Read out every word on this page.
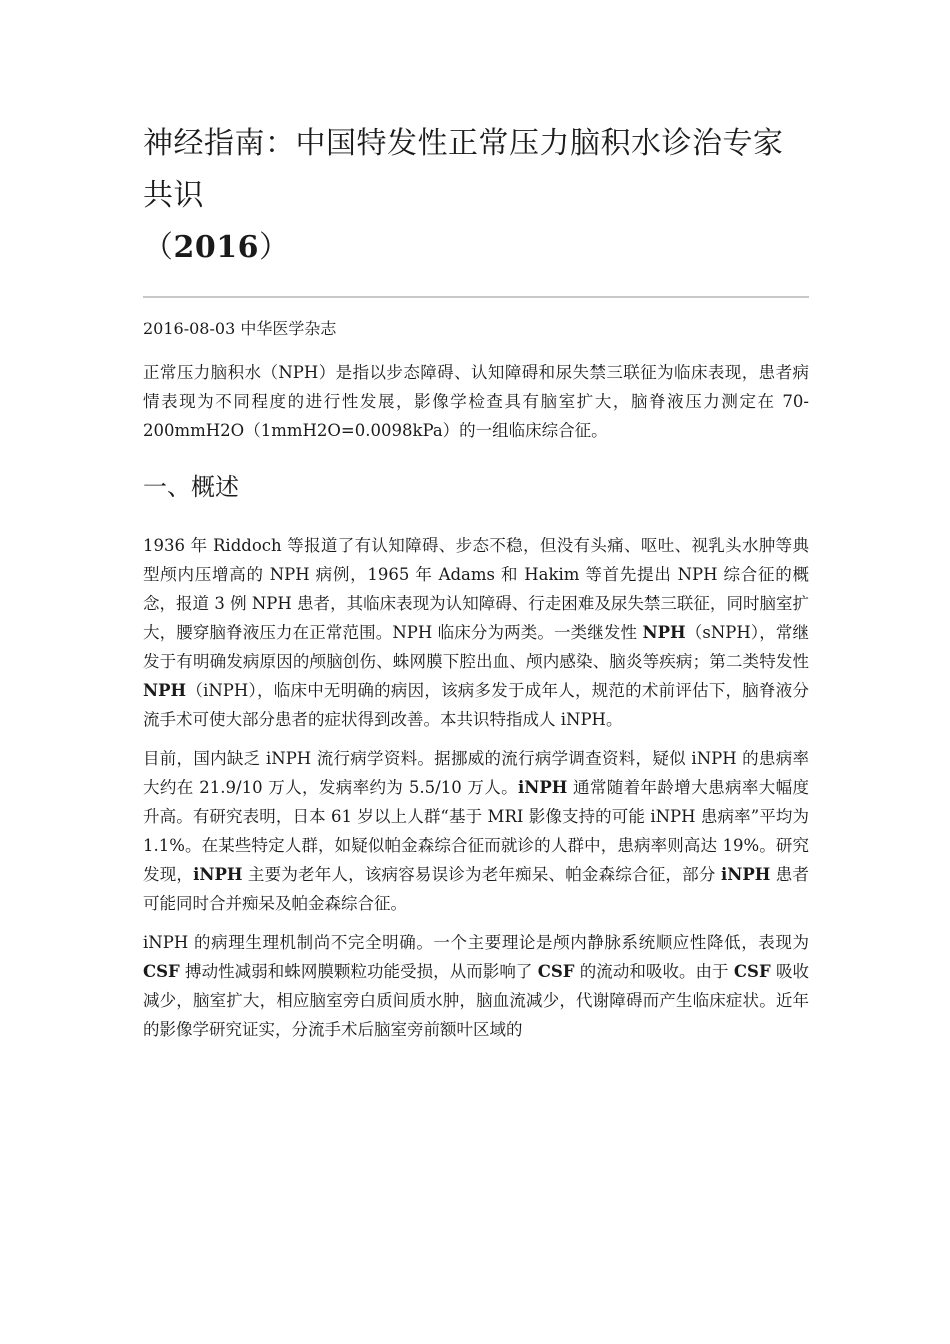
神经指南：中国特发性正常压力脑积水诊治专家共识
（2016）
2016-08-03 中华医学杂志

正常压力脑积水（NPH）是指以步态障碍、认知障碍和尿失禁三联征为临床表现，患者病情表现为不同程度的进行性发展，影像学检查具有脑室扩大，脑脊液压力测定在 70-200mmH2O（1mmH2O=0.0098kPa）的一组临床综合征。

一、概述

1936 年 Riddoch 等报道了有认知障碍、步态不稳，但没有头痛、呕吐、视乳头水肿等典型颅内压增高的 NPH 病例，1965 年 Adams 和 Hakim 等首先提出 NPH 综合征的概念，报道 3 例 NPH 患者，其临床表现为认知障碍、行走困难及尿失禁三联征，同时脑室扩大，腰穿脑脊液压力在正常范围。NPH 临床分为两类。一类继发性 NPH（sNPH），常继发于有明确发病原因的颅脑创伤、蛛网膜下腔出血、颅内感染、脑炎等疾病；第二类特发性 NPH（iNPH），临床中无明确的病因，该病多发于成年人，规范的术前评估下，脑脊液分流手术可使大部分患者的症状得到改善。本共识特指成人 iNPH。

目前，国内缺乏 iNPH 流行病学资料。据挪威的流行病学调查资料，疑似 iNPH 的患病率大约在 21.9/10 万人，发病率约为 5.5/10 万人。iNPH 通常随着年龄增大患病率大幅度升高。有研究表明，日本 61 岁以上人群“基于 MRI 影像支持的可能 iNPH 患病率”平均为 1.1%。在某些特定人群，如疑似帕金森综合征而就诊的人群中，患病率则高达 19%。研究发现，iNPH 主要为老年人，该病容易误诊为老年痴呆、帕金森综合征，部分 iNPH 患者可能同时合并痴呆及帕金森综合征。

iNPH 的病理生理机制尚不完全明确。一个主要理论是颅内静脉系统顺应性降低，表现为 CSF 搏动性减弱和蛛网膜颗粒功能受损，从而影响了 CSF 的流动和吸收。由于 CSF 吸收减少，脑室扩大，相应脑室旁白质间质水肿，脑血流减少，代谢障碍而产生临床症状。近年的影像学研究证实，分流手术后脑室旁前额叶区域的
